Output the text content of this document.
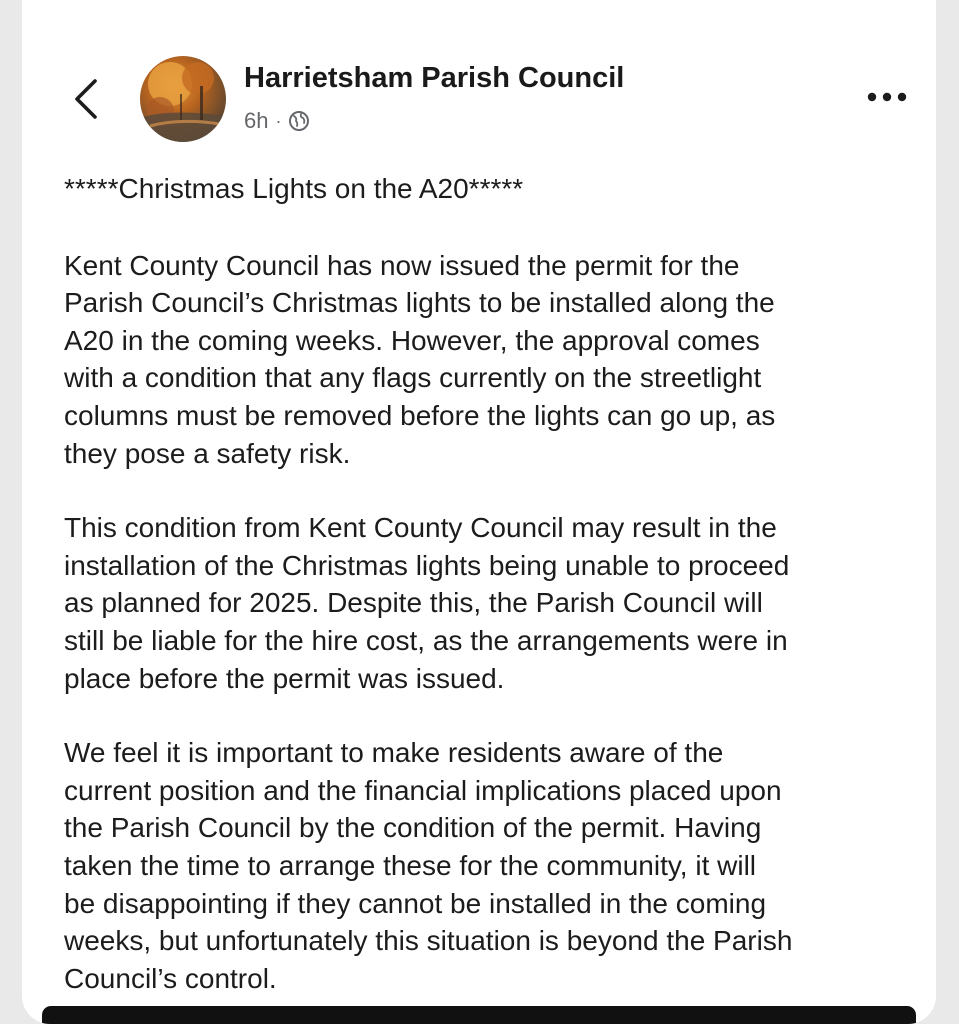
Harrietsham Parish Council
6h ·

*****Christmas Lights on the A20*****

Kent County Council has now issued the permit for the
Parish Council’s Christmas lights to be installed along the
A20 in the coming weeks. However, the approval comes
with a condition that any flags currently on the streetlight
columns must be removed before the lights can go up, as
they pose a safety risk.

This condition from Kent County Council may result in the
installation of the Christmas lights being unable to proceed
as planned for 2025. Despite this, the Parish Council will
still be liable for the hire cost, as the arrangements were in
place before the permit was issued.

We feel it is important to make residents aware of the
current position and the financial implications placed upon
the Parish Council by the condition of the permit. Having
taken the time to arrange these for the community, it will
be disappointing if they cannot be installed in the coming
weeks, but unfortunately this situation is beyond the Parish
Council’s control.
